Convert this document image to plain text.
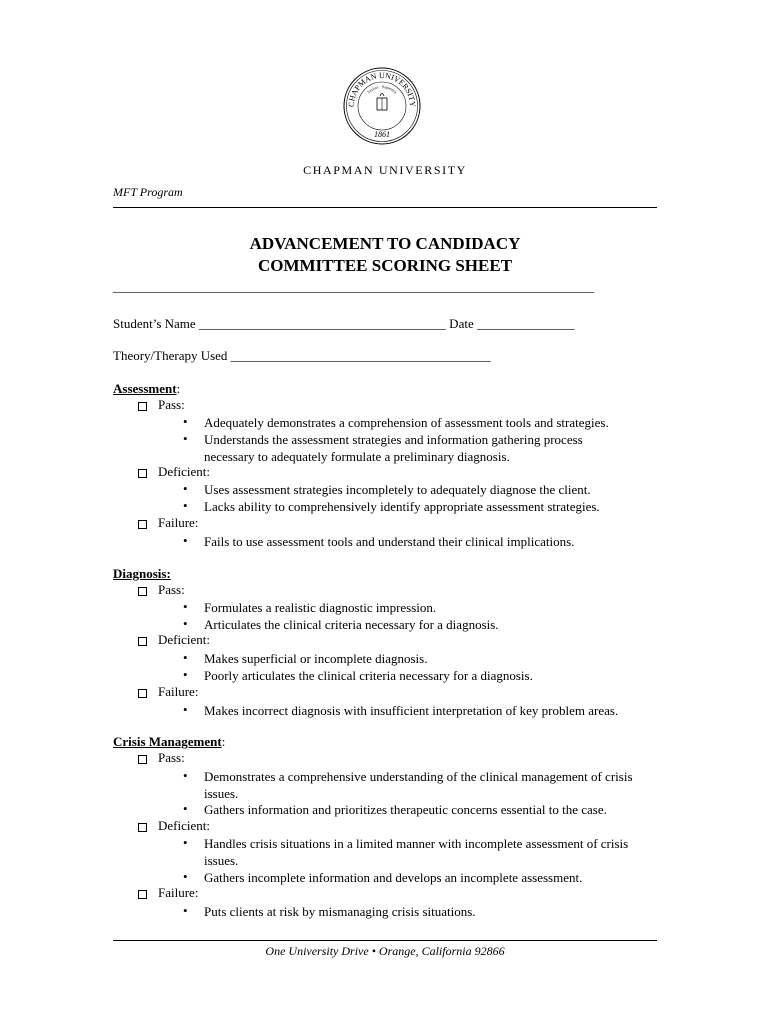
CHAPMAN UNIVERSITY
Veritas · Sapientia
1861
CHAPMAN UNIVERSITY
MFT Program
ADVANCEMENT TO CANDIDACY
COMMITTEE SCORING SHEET
_____________________________________________________________________________
Student’s Name ______________________________________ Date _______________
Theory/Therapy Used ________________________________________
Assessment:
Pass:
• Adequately demonstrates a comprehension of assessment tools and strategies.
• Understands the assessment strategies and information gathering process necessary to adequately formulate a preliminary diagnosis.
Deficient:
• Uses assessment strategies incompletely to adequately diagnose the client.
• Lacks ability to comprehensively identify appropriate assessment strategies.
Failure:
• Fails to use assessment tools and understand their clinical implications.
Diagnosis:
Pass:
• Formulates a realistic diagnostic impression.
• Articulates the clinical criteria necessary for a diagnosis.
Deficient:
• Makes superficial or incomplete diagnosis.
• Poorly articulates the clinical criteria necessary for a diagnosis.
Failure:
• Makes incorrect diagnosis with insufficient interpretation of key problem areas.
Crisis Management:
Pass:
• Demonstrates a comprehensive understanding of the clinical management of crisis issues.
• Gathers information and prioritizes therapeutic concerns essential to the case.
Deficient:
• Handles crisis situations in a limited manner with incomplete assessment of crisis issues.
• Gathers incomplete information and develops an incomplete assessment.
Failure:
• Puts clients at risk by mismanaging crisis situations.
One University Drive • Orange, California 92866
